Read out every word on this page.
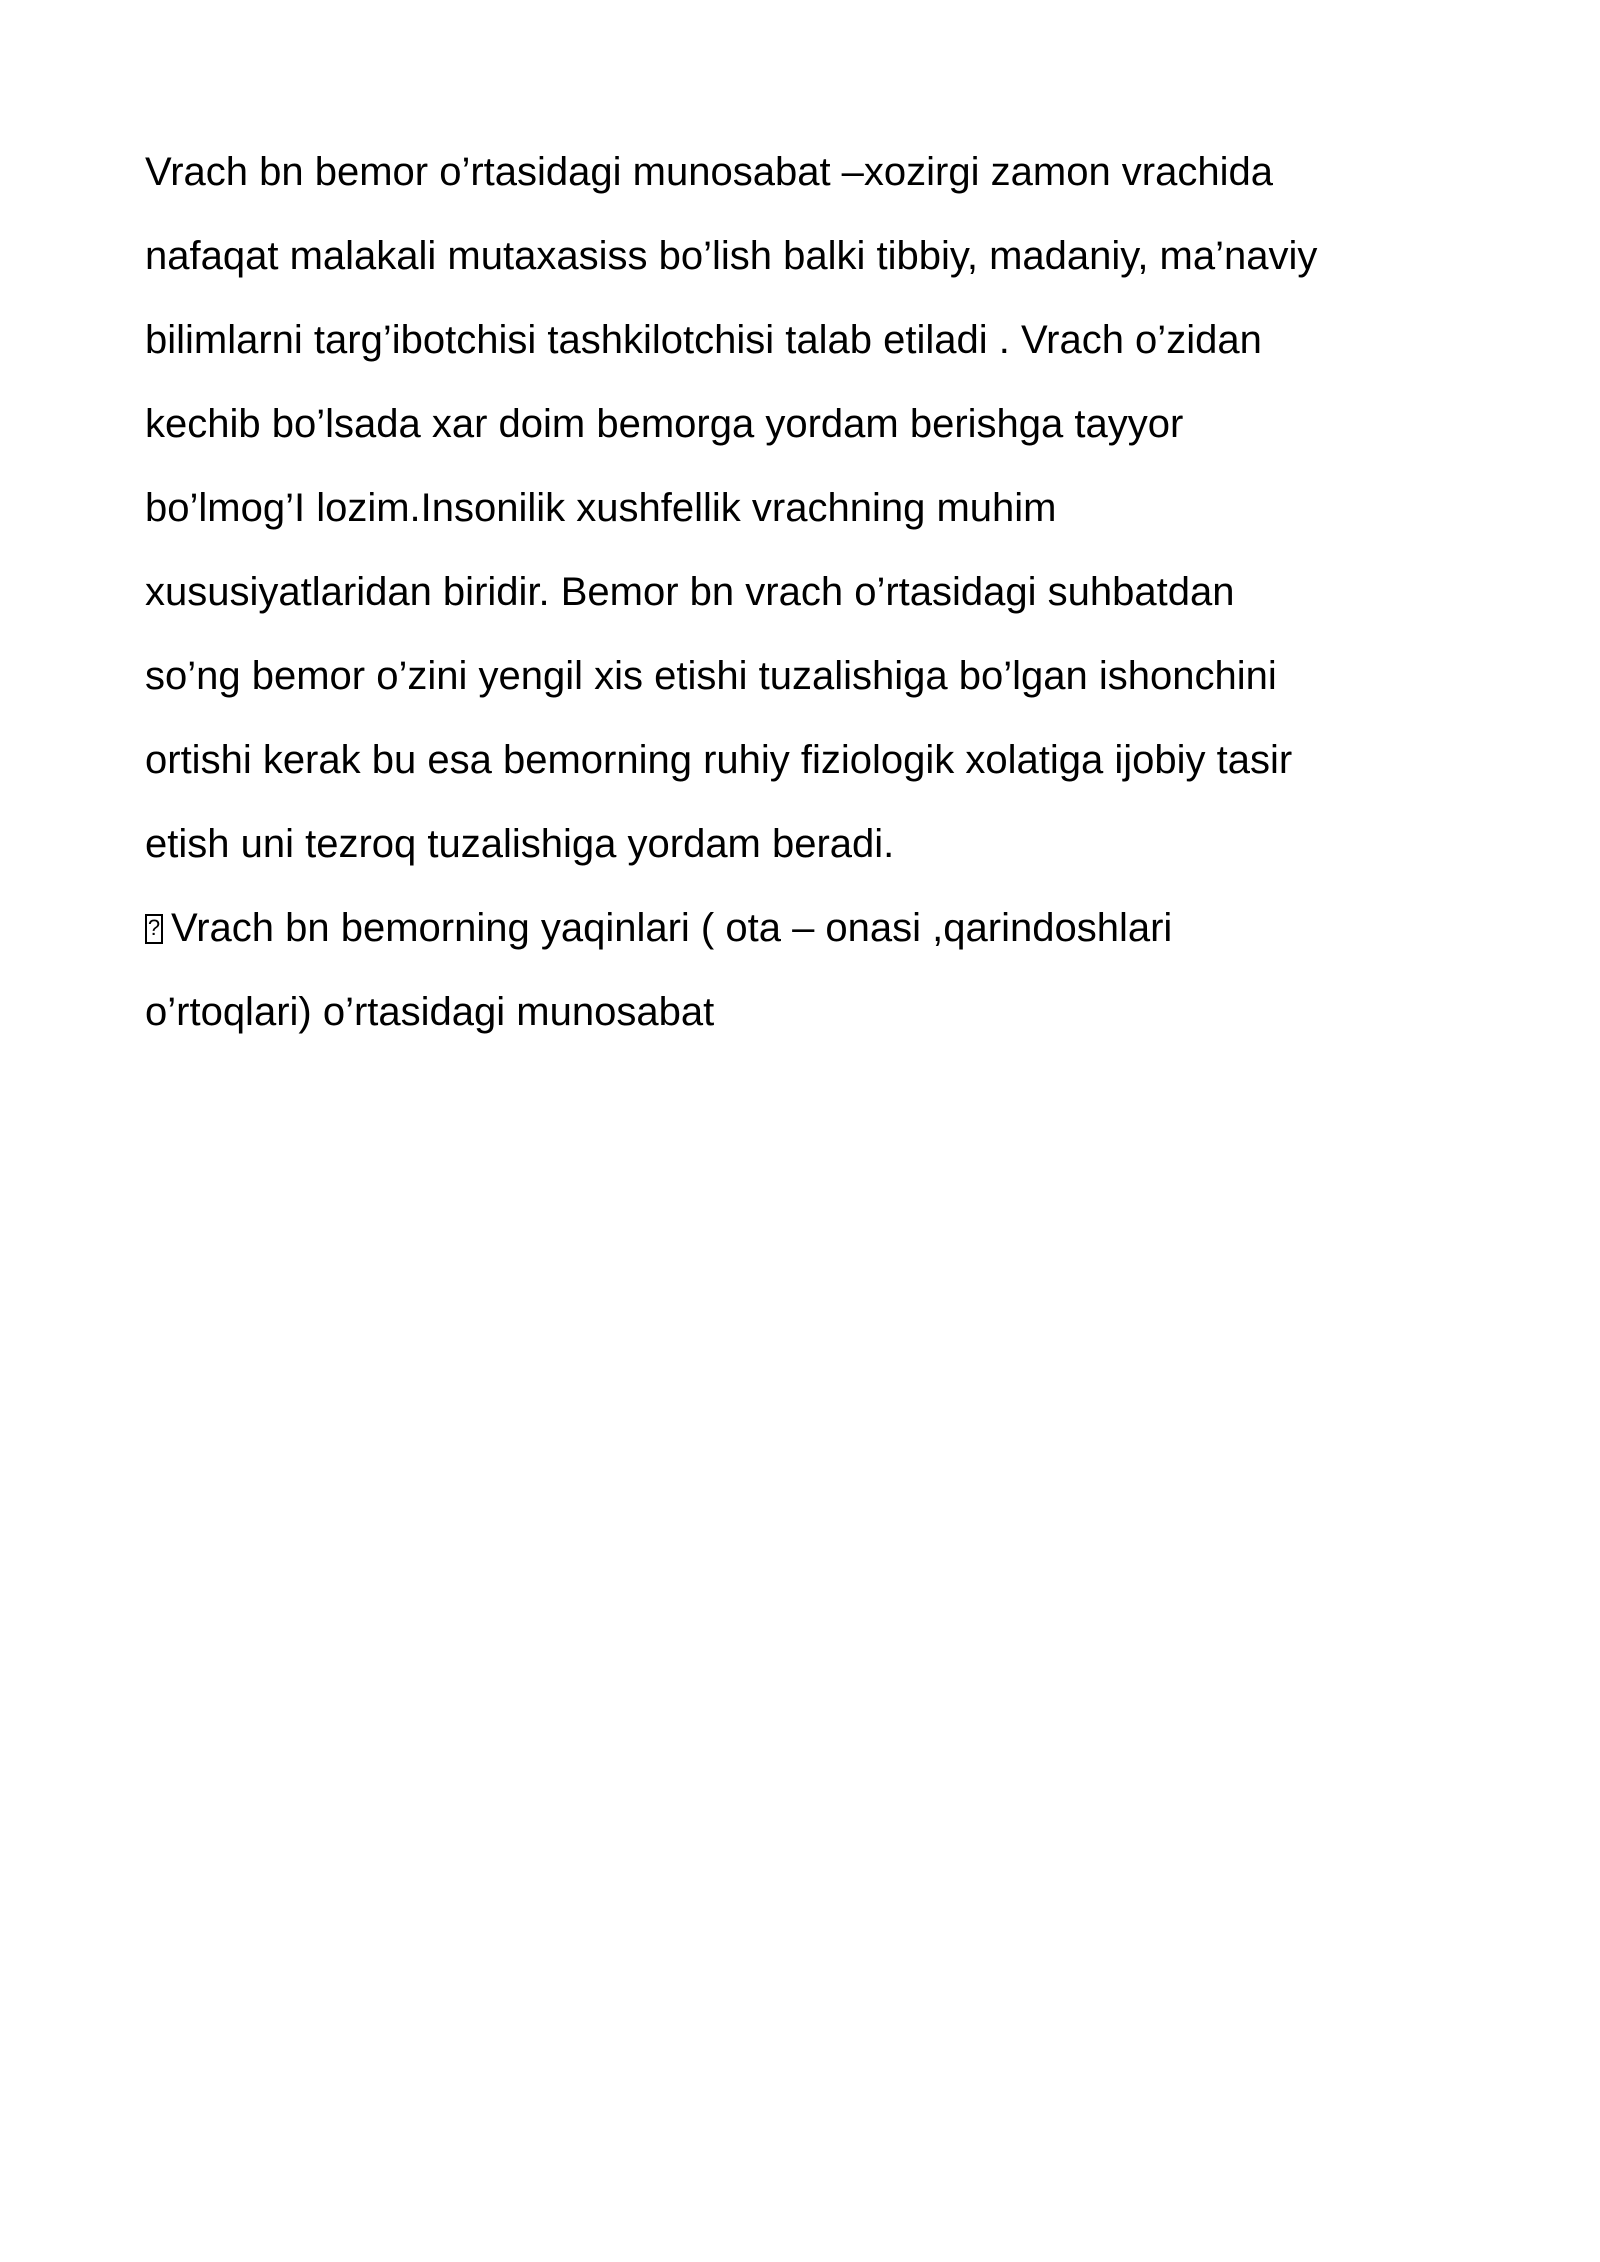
Vrach bn bemor o’rtasidagi munosabat –xozirgi zamon vrachida
nafaqat malakali mutaxasiss bo’lish balki tibbiy, madaniy, ma’naviy
bilimlarni targ’ibotchisi tashkilotchisi talab etiladi . Vrach o’zidan
kechib bo’lsada xar doim bemorga yordam berishga tayyor
bo’lmog’I lozim.Insonilik xushfellik vrachning muhim
xususiyatlaridan biridir. Bemor bn vrach o’rtasidagi suhbatdan
so’ng bemor o’zini yengil xis etishi tuzalishiga bo’lgan ishonchini
ortishi kerak bu esa bemorning ruhiy fiziologik xolatiga ijobiy tasir
etish uni tezroq tuzalishiga yordam beradi.
?Vrach bn bemorning yaqinlari ( ota – onasi ,qarindoshlari
o’rtoqlari) o’rtasidagi munosabat
